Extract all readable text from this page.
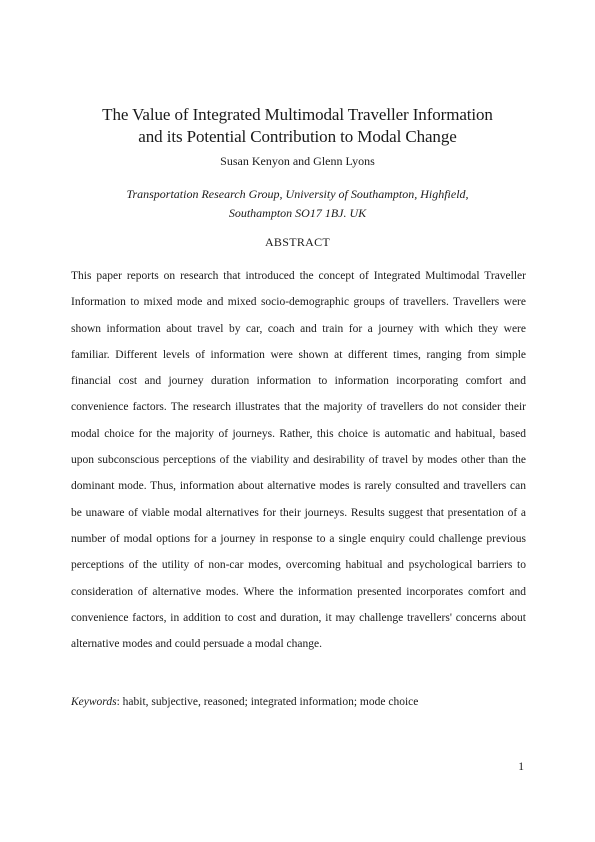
The Value of Integrated Multimodal Traveller Information
and its Potential Contribution to Modal Change
Susan Kenyon and Glenn Lyons
Transportation Research Group, University of Southampton, Highfield,
Southampton SO17 1BJ. UK
ABSTRACT
This paper reports on research that introduced the concept of Integrated Multimodal Traveller Information to mixed mode and mixed socio-demographic groups of travellers. Travellers were shown information about travel by car, coach and train for a journey with which they were familiar. Different levels of information were shown at different times, ranging from simple financial cost and journey duration information to information incorporating comfort and convenience factors. The research illustrates that the majority of travellers do not consider their modal choice for the majority of journeys. Rather, this choice is automatic and habitual, based upon subconscious perceptions of the viability and desirability of travel by modes other than the dominant mode. Thus, information about alternative modes is rarely consulted and travellers can be unaware of viable modal alternatives for their journeys. Results suggest that presentation of a number of modal options for a journey in response to a single enquiry could challenge previous perceptions of the utility of non-car modes, overcoming habitual and psychological barriers to consideration of alternative modes. Where the information presented incorporates comfort and convenience factors, in addition to cost and duration, it may challenge travellers' concerns about alternative modes and could persuade a modal change.
Keywords: habit, subjective, reasoned; integrated information; mode choice
1
